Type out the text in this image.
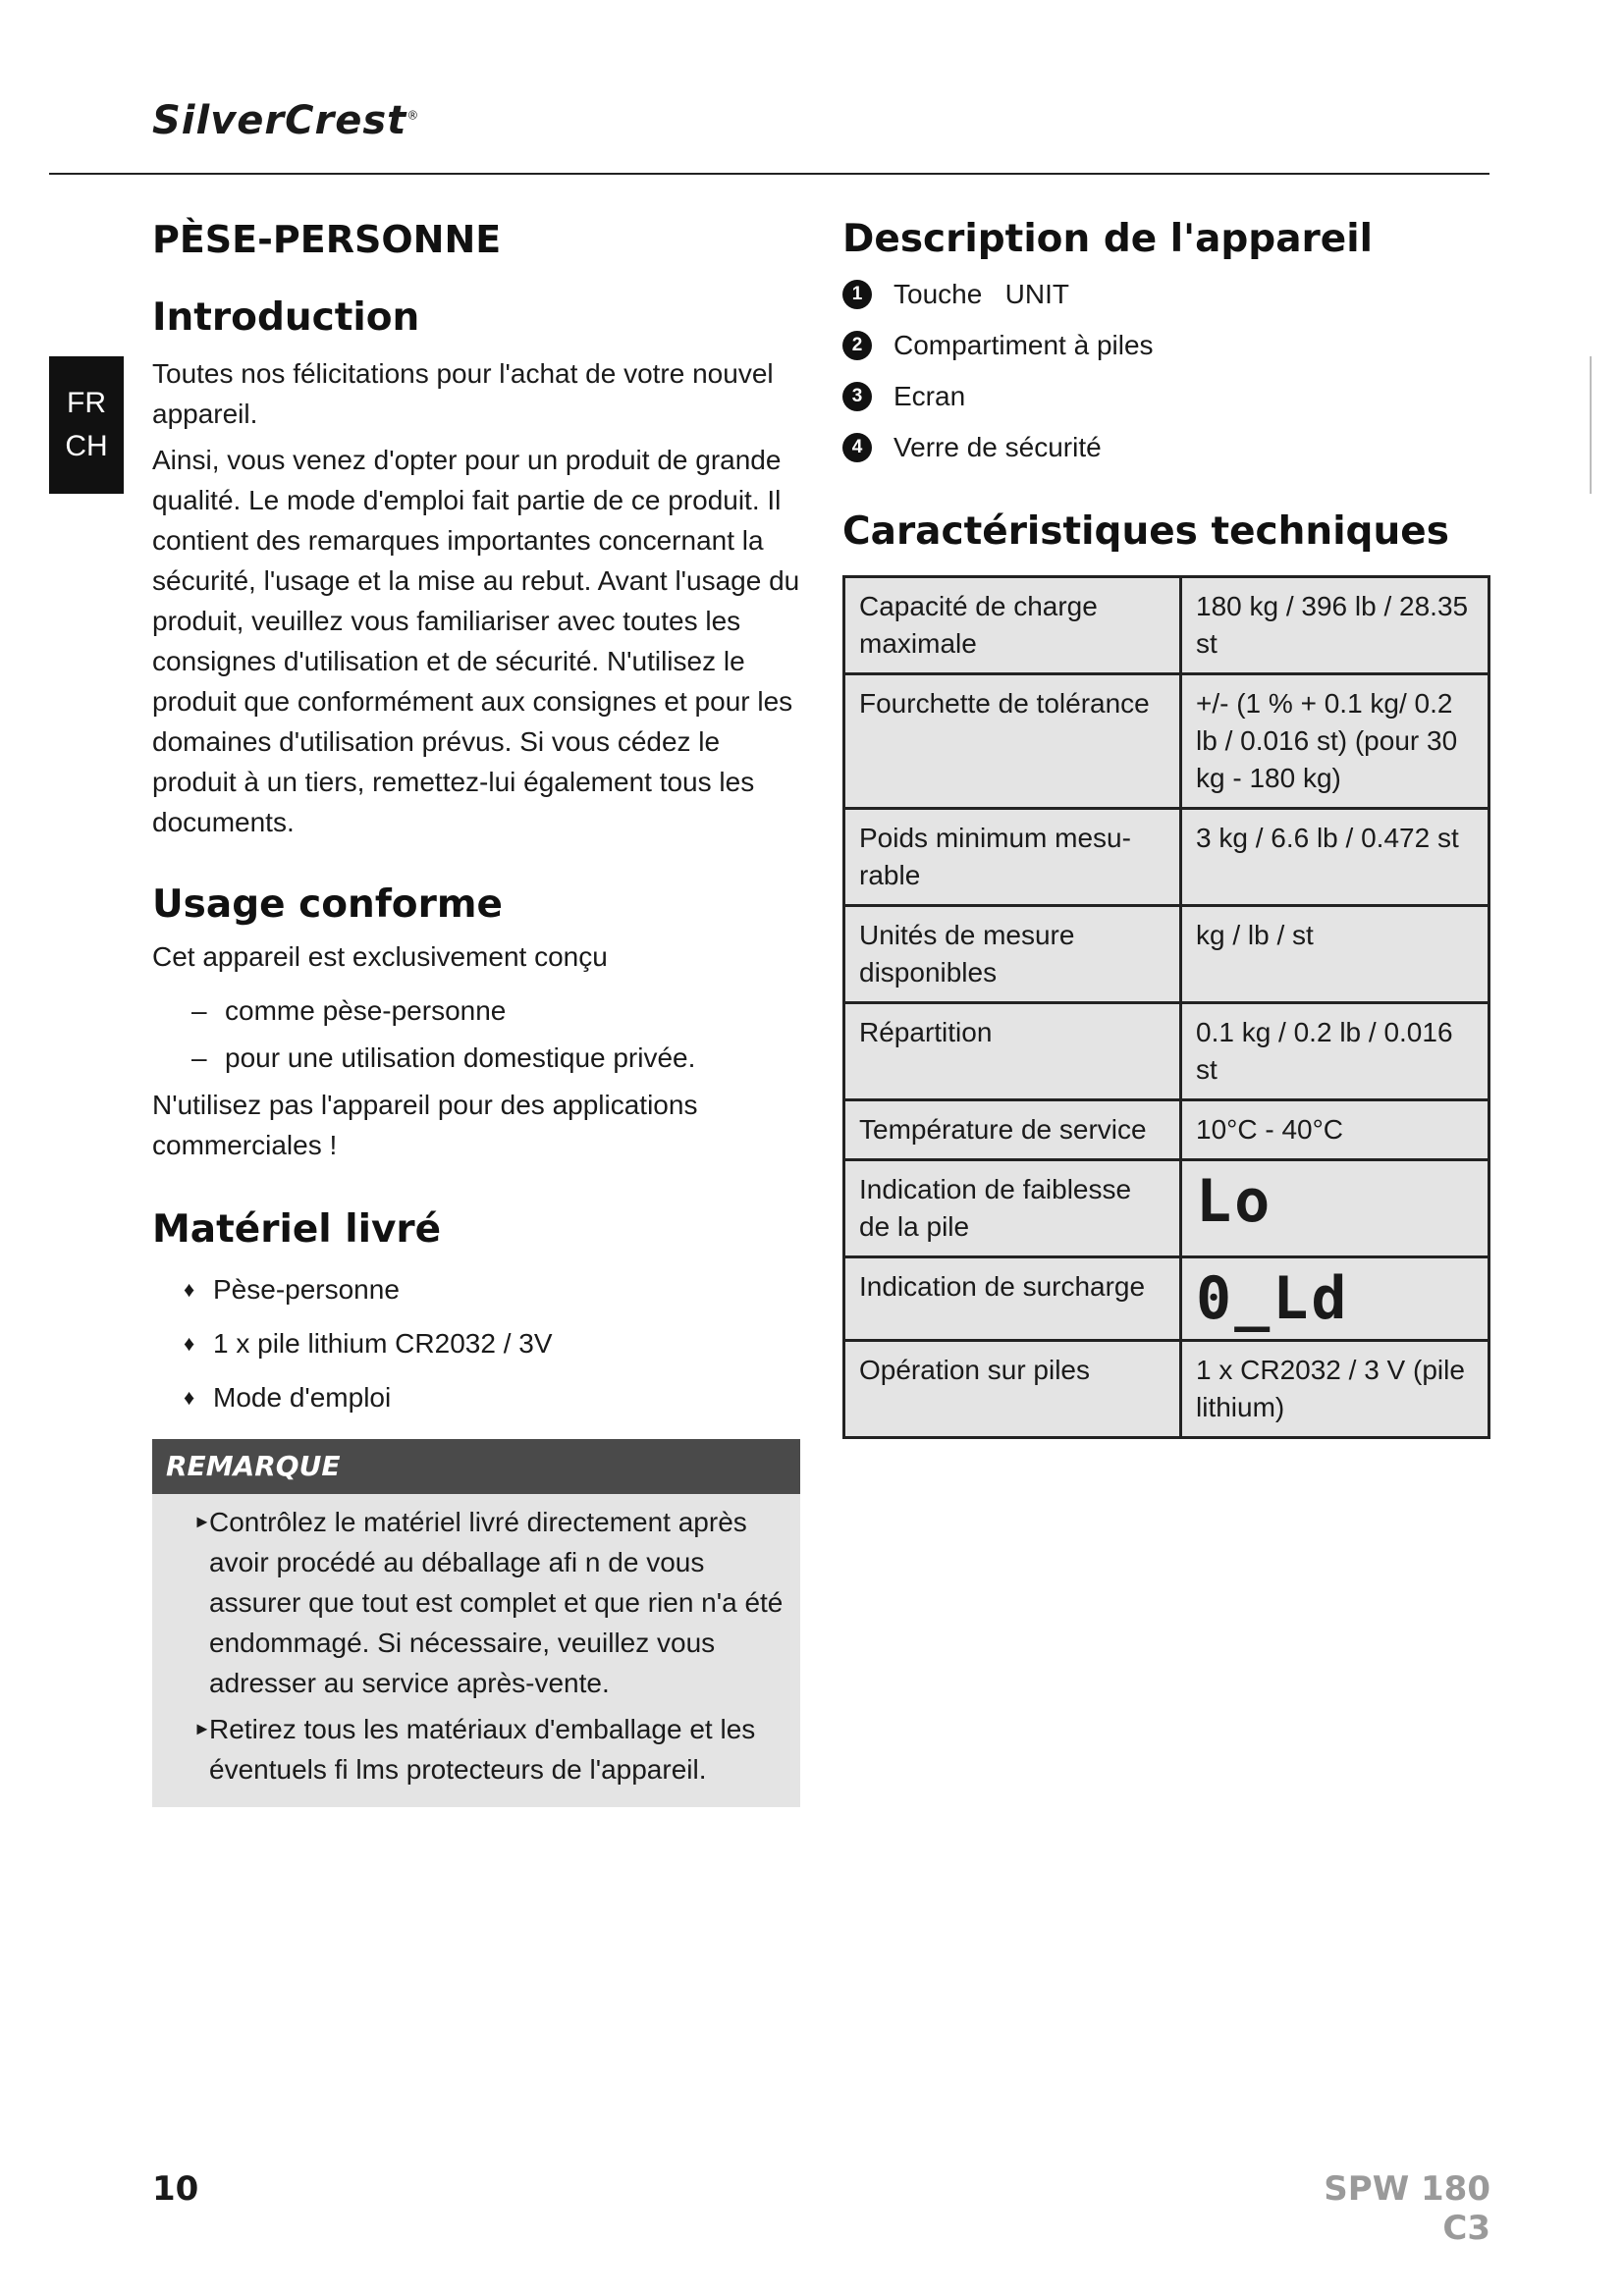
SilverCrest®
FR
CH
PÈSE-PERSONNE
Introduction

Toutes nos félicitations pour l'achat de votre nouvel appareil.

Ainsi, vous venez d'opter pour un produit de grande qualité. Le mode d'emploi fait partie de ce produit. Il contient des remarques importantes concernant la sécurité, l'usage et la mise au rebut. Avant l'usage du produit, veuillez vous familiariser avec toutes les consignes d'utilisation et de sécurité. N'utilisez le produit que conformément aux consignes et pour les domaines d'utilisation prévus. Si vous cédez le produit à un tiers, remettez-lui également tous les documents.

Usage conforme

Cet appareil est exclusivement conçu

– comme pèse-personne
– pour une utilisation domestique privée.

N'utilisez pas l'appareil pour des applications commerciales !

Matériel livré
♦ Pèse-personne
♦ 1 x pile lithium CR2032 / 3V
♦ Mode d'emploi
REMARQUE
► Contrôlez le matériel livré directement après avoir procédé au déballage afi n de vous assurer que tout est complet et que rien n'a été endommagé. Si nécessaire, veuillez vous adresser au service après-vente.
► Retirez tous les matériaux d'emballage et les éventuels fi lms protecteurs de l'appareil.
Description de l'appareil
1	Touche   UNIT
2	Compartiment à piles
3	Ecran
4	Verre de sécurité
Caractéristiques techniques
Capacité de charge maximale	180 kg / 396 lb / 28.35 st
Fourchette de tolérance	+/- (1 % + 0.1 kg/ 0.2 lb / 0.016 st) (pour 30 kg - 180 kg)
Poids minimum mesu-rable	3 kg / 6.6 lb / 0.472 st
Unités de mesure disponibles	kg / lb / st
Répartition	0.1 kg / 0.2 lb / 0.016 st
Température de service	10°C - 40°C
Indication de faiblesse de la pile	Lo
Indication de surcharge	0_Ld
Opération sur piles	1 x CR2032 / 3 V (pile lithium)
10	SPW 180 C3
